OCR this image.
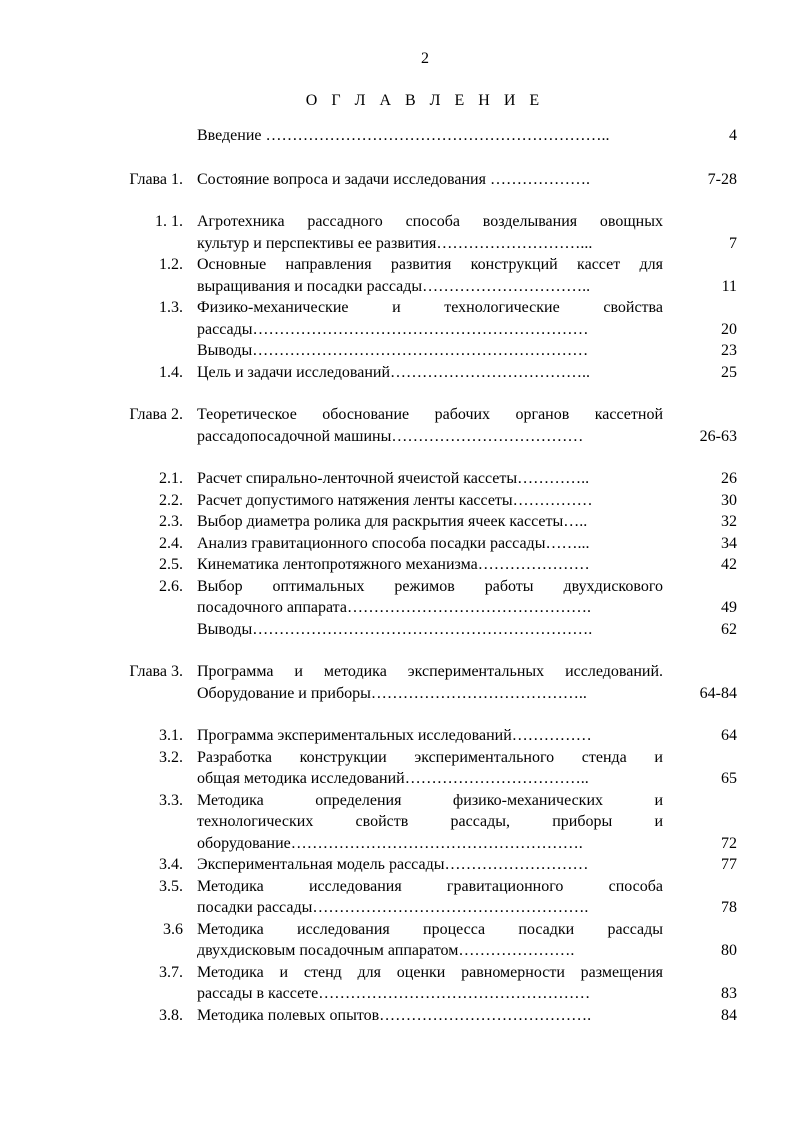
2
О Г Л А В Л Е Н И Е
Введение ………………………………………………………..	4
Глава 1. Состояние вопроса и задачи исследования ……………….	7-28
1. 1. Агротехника рассадного способа возделывания овощных
культур и перспективы ее развития………………………...	7
1.2. Основные направления развития конструкций кассет для
выращивания и посадки рассады…………………………..	11
1.3. Физико-механические и технологические свойства
рассады………………………………………………………	20
Выводы………………………………………………………	23
1.4. Цель и задачи исследований………………………………..	25
Глава 2. Теоретическое обоснование рабочих органов кассетной
рассадопосадочной машины………………………………	26-63
2.1. Расчет спирально-ленточной ячеистой кассеты…………..	26
2.2. Расчет допустимого натяжения ленты кассеты……………	30
2.3. Выбор диаметра ролика для раскрытия ячеек кассеты…..	32
2.4. Анализ гравитационного способа посадки рассады……...	34
2.5. Кинематика лентопротяжного механизма…………………	42
2.6. Выбор оптимальных режимов работы двухдискового
посадочного аппарата……………………………………….	49
Выводы……………………………………………………….	62
Глава 3. Программа и методика экспериментальных исследований.
Оборудование и приборы…………………………………..	64-84
3.1. Программа экспериментальных исследований……………	64
3.2. Разработка конструкции экспериментального стенда и
общая методика исследований……………………………..	65
3.3. Методика определения физико-механических и
технологических свойств рассады, приборы и
оборудование……………………………………………….	72
3.4. Экспериментальная модель рассады………………………	77
3.5. Методика исследования гравитационного способа
посадки рассады…………………………………………….	78
3.6 Методика исследования процесса посадки рассады
двухдисковым посадочным аппаратом………………….	80
3.7. Методика и стенд для оценки равномерности размещения
рассады в кассете……………………………………………	83
3.8. Методика полевых опытов………………………………….	84
